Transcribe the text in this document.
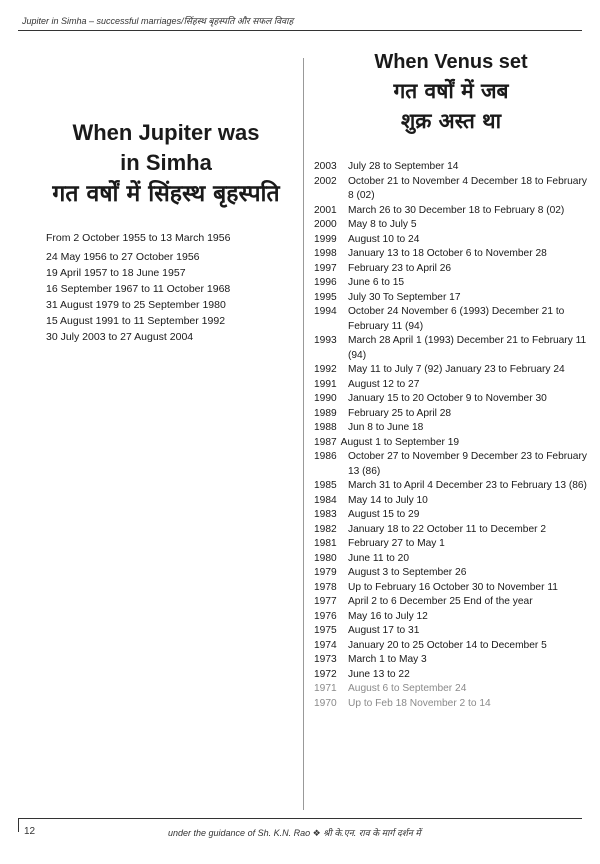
Jupiter in Simha – successful marriages/सिंहस्थ बृहस्पति और सफल विवाह
When Jupiter was
in Simha
गत वर्षों में सिंहस्थ बृहस्पति
From 2 October 1955 to 13 March 1956
24 May 1956 to 27 October 1956
19 April 1957 to 18 June 1957
16 September 1967 to 11 October 1968
31 August 1979 to 25 September 1980
15 August 1991 to 11 September 1992
30 July 2003 to 27 August 2004
When Venus set
गत वर्षों में जब
शुक्र अस्त था
2003	July 28 to September 14
2002	October 21 to November 4 December 18 to February 8 (02)
2001	March 26 to 30 December 18 to February 8 (02)
2000	May 8 to July 5
1999	August 10 to 24
1998	January 13 to 18 October 6 to November 28
1997	February 23 to April 26
1996	June 6 to 15
1995	July 30 To September 17
1994	October 24 November 6 (1993) December 21 to February 11 (94)
1993	March 28 April 1 (1993) December 21 to February 11 (94)
1992	May 11 to July 7 (92) January 23 to February 24
1991	August 12 to 27
1990	January 15 to 20 October 9 to November 30
1989	February 25 to April 28
1988	Jun 8 to June 18
1987 August 1 to September 19
1986	October 27 to November 9 December 23 to February 13 (86)
1985	March 31 to April 4 December 23 to February 13 (86)
1984	May 14 to July 10
1983	August 15 to 29
1982	January 18 to 22 October 11 to December 2
1981	February 27 to May 1
1980	June 11 to 20
1979	August 3 to September 26
1978	Up to February 16 October 30 to November 11
1977	April 2 to 6 December 25 End of the year
1976	May 16 to July 12
1975	August 17 to 31
1974	January 20 to 25 October 14 to December 5
1973	March 1 to May 3
1972	June 13 to 22
1971	August 6 to September 24
1970	Up to Feb 18 November 2 to 14
12	under the guidance of Sh. K.N. Rao ❖ श्री के.एन. राव के मार्ग दर्शन में
